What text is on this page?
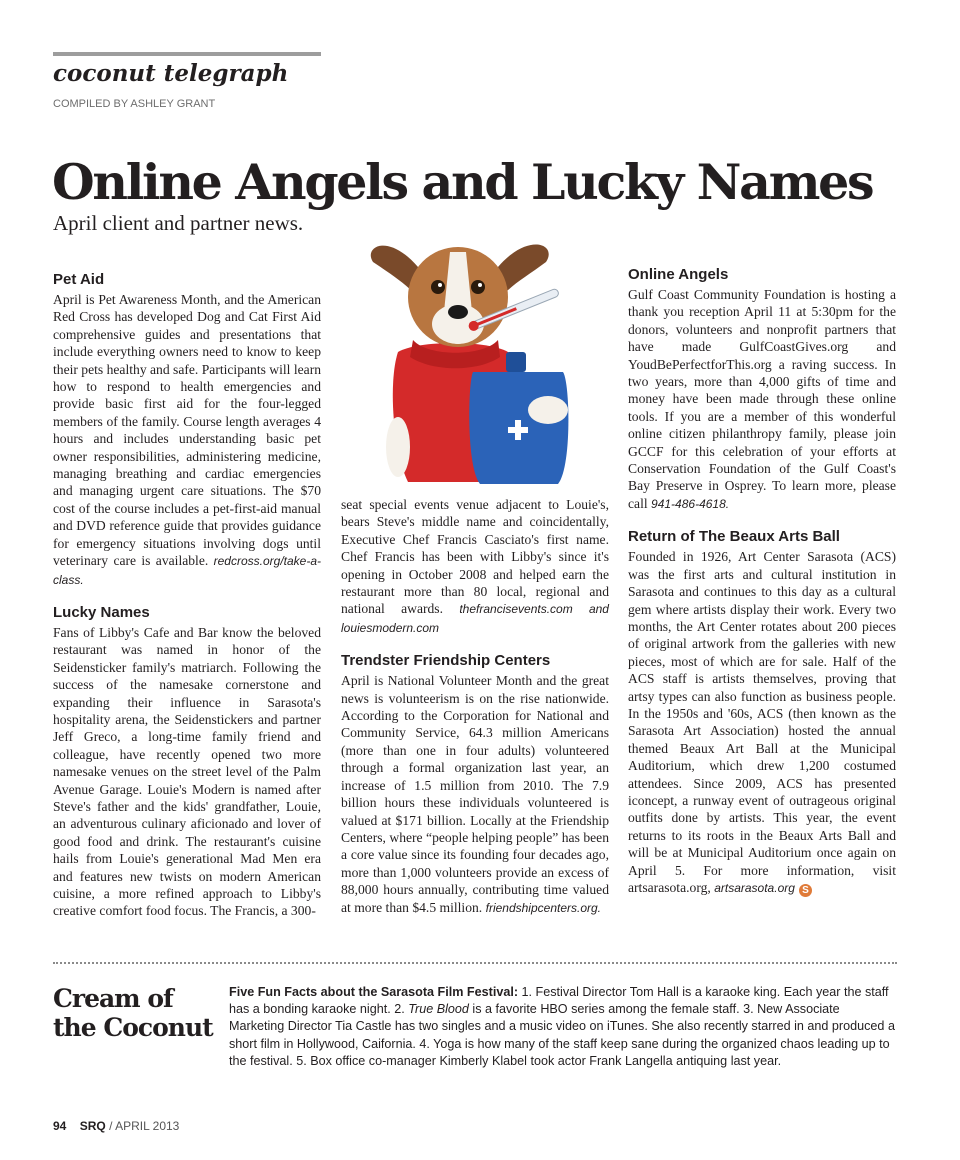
coconut telegraph

COMPILED BY ASHLEY GRANT

Online Angels and Lucky Names

April client and partner news.

Pet Aid

April is Pet Awareness Month, and the American Red Cross has developed Dog and Cat First Aid comprehensive guides and presentations that include everything owners need to know to keep their pets healthy and safe. Participants will learn how to respond to health emergencies and provide basic first aid for the four-legged members of the family. Course length averages 4 hours and includes understanding basic pet owner responsibilities, administering medicine, managing breathing and cardiac emergencies and managing urgent care situations. The $70 cost of the course includes a pet-first-aid manual and DVD reference guide that provides guidance for emergency situations involving dogs until veterinary care is available. redcross.org/take-a-class.

Lucky Names

Fans of Libby's Cafe and Bar know the beloved restaurant was named in honor of the Seidensticker family's matriarch. Following the success of the namesake cornerstone and expanding their influence in Sarasota's hospitality arena, the Seidenstickers and partner Jeff Greco, a long-time family friend and colleague, have recently opened two more namesake venues on the street level of the Palm Avenue Garage. Louie's Modern is named after Steve's father and the kids' grandfather, Louie, an adventurous culinary aficionado and lover of good food and drink. The restaurant's cuisine hails from Louie's generational Mad Men era and features new twists on modern American cuisine, a more refined approach to Libby's creative comfort food focus. The Francis, a 300-

seat special events venue adjacent to Louie's, bears Steve's middle name and coincidentally, Executive Chef Francis Casciato's first name. Chef Francis has been with Libby's since it's opening in October 2008 and helped earn the restaurant more than 80 local, regional and national awards. thefrancisevents.com and louiesmodern.com

Trendster Friendship Centers

April is National Volunteer Month and the great news is volunteerism is on the rise nationwide. According to the Corporation for National and Community Service, 64.3 million Americans (more than one in four adults) volunteered through a formal organization last year, an increase of 1.5 million from 2010. The 7.9 billion hours these individuals volunteered is valued at $171 billion. Locally at the Friendship Centers, where “people helping people” has been a core value since its founding four decades ago, more than 1,000 volunteers provide an excess of 88,000 hours annually, contributing time valued at more than $4.5 million. friendshipcenters.org.

Online Angels

Gulf Coast Community Foundation is hosting a thank you reception April 11 at 5:30pm for the donors, volunteers and nonprofit partners that have made GulfCoastGives.org and YoudBePerfectforThis.org a raving success. In two years, more than 4,000 gifts of time and money have been made through these online tools. If you are a member of this wonderful online citizen philanthropy family, please join GCCF for this celebration of your efforts at Conservation Foundation of the Gulf Coast's Bay Preserve in Osprey. To learn more, please call 941-486-4618.

Return of The Beaux Arts Ball

Founded in 1926, Art Center Sarasota (ACS) was the first arts and cultural institution in Sarasota and continues to this day as a cultural gem where artists display their work. Every two months, the Art Center rotates about 200 pieces of original artwork from the galleries with new pieces, most of which are for sale. Half of the ACS staff is artists themselves, proving that artsy types can also function as business people. In the 1950s and '60s, ACS (then known as the Sarasota Art Association) hosted the annual themed Beaux Art Ball at the Municipal Auditorium, which drew 1,200 costumed attendees. Since 2009, ACS has presented iconcept, a runway event of outrageous original outfits done by artists. This year, the event returns to its roots in the Beaux Arts Ball and will be at Municipal Auditorium once again on April 5. For more information, visit artsarasota.org, artsarasota.org S

Cream of
the Coconut

Five Fun Facts about the Sarasota Film Festival: 1. Festival Director Tom Hall is a karaoke king. Each year the staff has a bonding karaoke night. 2. True Blood is a favorite HBO series among the female staff. 3. New Associate Marketing Director Tia Castle has two singles and a music video on iTunes. She also recently starred in and produced a short film in Hollywood, Caifornia. 4. Yoga is how many of the staff keep sane during the organized chaos leading up to the festival. 5. Box office co-manager Kimberly Klabel took actor Frank Langella antiquing last year.

94 SRQ / APRIL 2013
